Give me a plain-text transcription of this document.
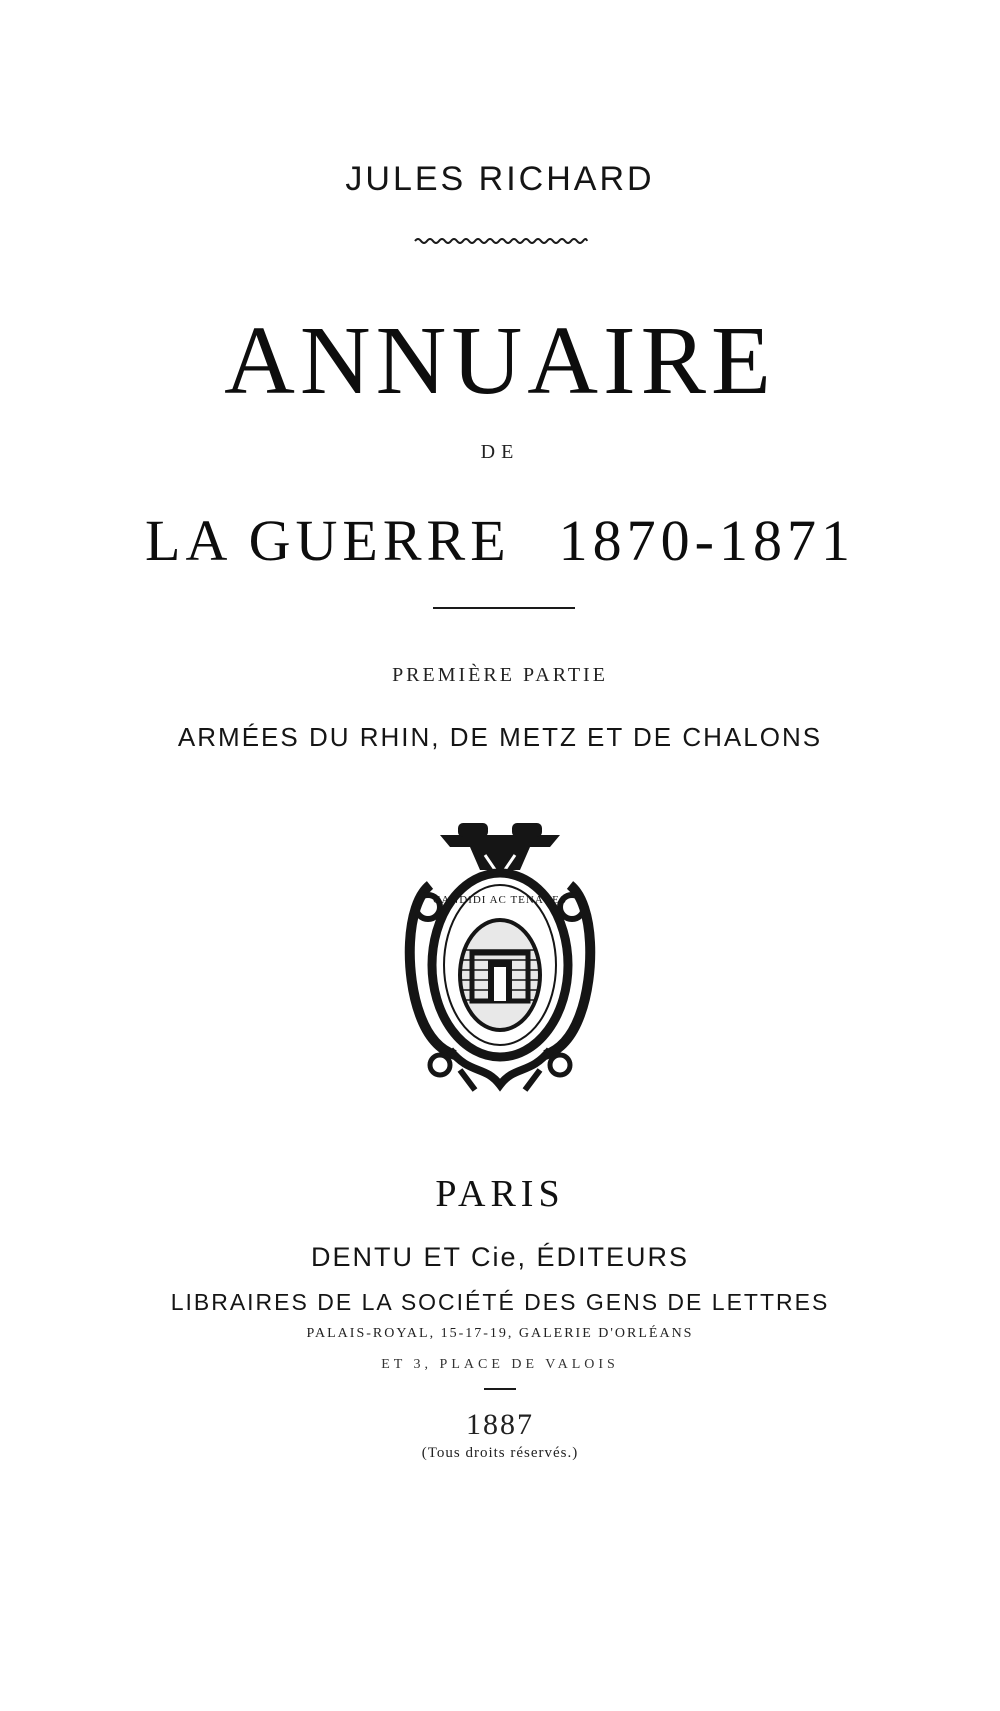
JULES RICHARD
ANNUAIRE
DE
LA GUERRE 1870-1871
PREMIÈRE PARTIE
ARMÉES DU RHIN, DE METZ ET DE CHALONS
CANDIDI AC TENACES
PARIS
DENTU ET Cie, ÉDITEURS
LIBRAIRES DE LA SOCIÉTÉ DES GENS DE LETTRES
PALAIS-ROYAL, 15-17-19, GALERIE D'ORLÉANS
ET 3, PLACE DE VALOIS
1887
(Tous droits réservés.)
